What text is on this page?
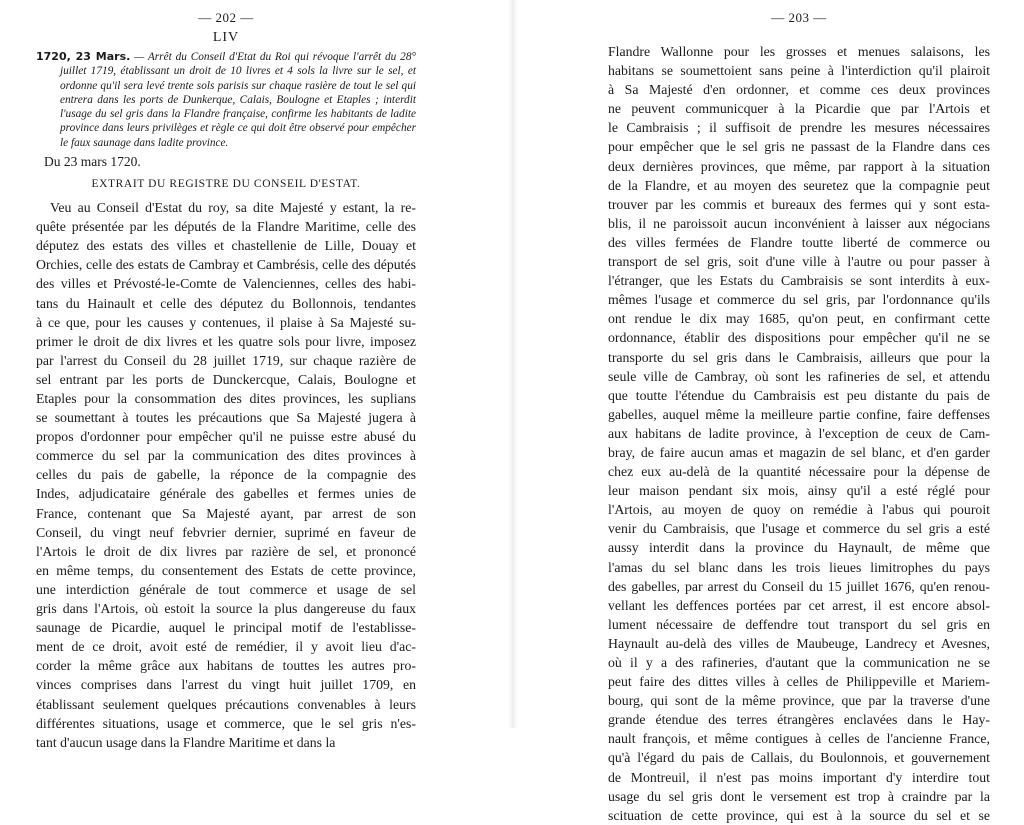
— 202 —
LIV

1720, 23 Mars. — Arrêt du Conseil d'Etat du Roi qui révoque l'arrêt du 28° juillet 1719, établissant un droit de 10 livres et 4 sols la livre sur le sel, et ordonne qu'il sera levé trente sols parisis sur chaque rasière de tout le sel qui entrera dans les ports de Dunkerque, Calais, Boulogne et Etaples ; interdit l'usage du sel gris dans la Flandre française, confirme les habitants de ladite province dans leurs privilèges et règle ce qui doit être observé pour empêcher le faux saunage dans ladite province.

Du 23 mars 1720.
EXTRAIT DU REGISTRE DU CONSEIL D'ESTAT.
Veu au Conseil d'Estat du roy, sa dite Majesté y estant, la re-
quête présentée par les députés de la Flandre Maritime, celle des
députez des estats des villes et chastellenie de Lille, Douay et
Orchies, celle des estats de Cambray et Cambrésis, celle des députés
des villes et Prévosté-le-Comte de Valenciennes, celles des habi-
tans du Hainault et celle des députez du Bollonnois, tendantes
à ce que, pour les causes y contenues, il plaise à Sa Majesté su-
primer le droit de dix livres et les quatre sols pour livre, imposez
par l'arrest du Conseil du 28 juillet 1719, sur chaque razière de
sel entrant par les ports de Dunckercque, Calais, Boulogne et
Etaples pour la consommation des dites provinces, les suplians
se soumettant à toutes les précautions que Sa Majesté jugera à
propos d'ordonner pour empêcher qu'il ne puisse estre abusé du
commerce du sel par la communication des dites provinces à
celles du pais de gabelle, la réponce de la compagnie des
Indes, adjudicataire générale des gabelles et fermes unies de
France, contenant que Sa Majesté ayant, par arrest de son
Conseil, du vingt neuf febvrier dernier, suprimé en faveur de
l'Artois le droit de dix livres par razière de sel, et prononcé
en même temps, du consentement des Estats de cette province,
une interdiction générale de tout commerce et usage de sel
gris dans l'Artois, où estoit la source la plus dangereuse du faux
saunage de Picardie, auquel le principal motif de l'establisse-
ment de ce droit, avoit esté de remédier, il y avoit lieu d'ac-
corder la même grâce aux habitans de touttes les autres pro-
vinces comprises dans l'arrest du vingt huit juillet 1709, en
établissant seulement quelques précautions convenables à leurs
différentes situations, usage et commerce, que le sel gris n'es-
tant d'aucun usage dans la Flandre Maritime et dans la
— 203 —
Flandre Wallonne pour les grosses et menues salaisons, les
habitans se soumettoient sans peine à l'interdiction qu'il plairoit
à Sa Majesté d'en ordonner, et comme ces deux provinces
ne peuvent communicquer à la Picardie que par l'Artois et
le Cambraisis ; il suffisoit de prendre les mesures nécessaires
pour empêcher que le sel gris ne passast de la Flandre dans ces
deux dernières provinces, que même, par rapport à la situation
de la Flandre, et au moyen des seuretez que la compagnie peut
trouver par les commis et bureaux des fermes qui y sont esta-
blis, il ne paroissoit aucun inconvénient à laisser aux négocians
des villes fermées de Flandre toutte liberté de commerce ou
transport de sel gris, soit d'une ville à l'autre ou pour passer à
l'étranger, que les Estats du Cambraisis se sont interdits à eux-
mêmes l'usage et commerce du sel gris, par l'ordonnance qu'ils
ont rendue le dix may 1685, qu'on peut, en confirmant cette
ordonnance, établir des dispositions pour empêcher qu'il ne se
transporte du sel gris dans le Cambraisis, ailleurs que pour la
seule ville de Cambray, où sont les rafineries de sel, et attendu
que toutte l'étendue du Cambraisis est peu distante du pais de
gabelles, auquel même la meilleure partie confine, faire deffenses
aux habitans de ladite province, à l'exception de ceux de Cam-
bray, de faire aucun amas et magazin de sel blanc, et d'en garder
chez eux au-delà de la quantité nécessaire pour la dépense de
leur maison pendant six mois, ainsy qu'il a esté réglé pour
l'Artois, au moyen de quoy on remédie à l'abus qui pouroit
venir du Cambraisis, que l'usage et commerce du sel gris a esté
aussy interdit dans la province du Haynault, de même que
l'amas du sel blanc dans les trois lieues limitrophes du pays
des gabelles, par arrest du Conseil du 15 juillet 1676, qu'en renou-
vellant les deffences portées par cet arrest, il est encore absol-
lument nécessaire de deffendre tout transport du sel gris en
Haynault au-delà des villes de Maubeuge, Landrecy et Avesnes,
où il y a des rafineries, d'autant que la communication ne se
peut faire des dittes villes à celles de Philippeville et Mariem-
bourg, qui sont de la même province, que par la traverse d'une
grande étendue des terres étrangères enclavées dans le Hay-
nault françois, et même contigues à celles de l'ancienne France,
qu'à l'égard du pais de Callais, du Boulonnois, et gouvernement
de Montreuil, il n'est pas moins important d'y interdire tout
usage du sel gris dont le versement est trop à craindre par la
scituation de cette province, qui est à la source du sel et se
